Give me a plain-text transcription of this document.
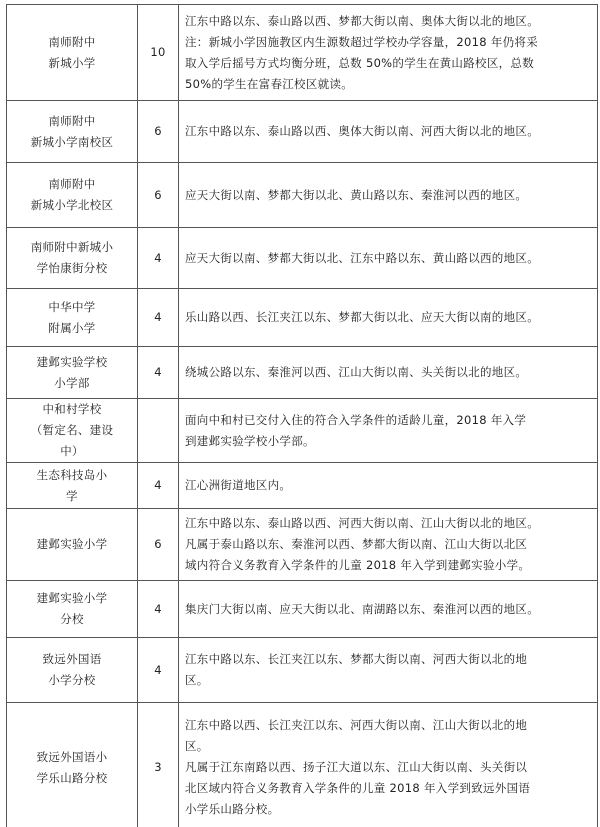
南师附中
新城小学	10	江东中路以东、泰山路以西、梦都大街以南、奥体大街以北的地区。
注：新城小学因施教区内生源数超过学校办学容量，2018 年仍将采
取入学后摇号方式均衡分班，总数 50%的学生在黄山路校区，总数
50%的学生在富春江校区就读。

南师附中
新城小学南校区	6	江东中路以东、泰山路以西、奥体大街以南、河西大街以北的地区。

南师附中
新城小学北校区	6	应天大街以南、梦都大街以北、黄山路以东、秦淮河以西的地区。

南师附中新城小
学怡康街分校	4	应天大街以南、梦都大街以北、江东中路以东、黄山路以西的地区。

中华中学
附属小学	4	乐山路以西、长江夹江以东、梦都大街以北、应天大街以南的地区。

建邺实验学校
小学部	4	绕城公路以东、秦淮河以西、江山大街以南、头关街以北的地区。

中和村学校
（暂定名、建设
中）		面向中和村已交付入住的符合入学条件的适龄儿童，2018 年入学
到建邺实验学校小学部。

生态科技岛小
学	4	江心洲街道地区内。

建邺实验小学	6	江东中路以东、泰山路以西、河西大街以南、江山大街以北的地区。
凡属于泰山路以东、秦淮河以西、梦都大街以南、江山大街以北区
域内符合义务教育入学条件的儿童 2018 年入学到建邺实验小学。

建邺实验小学
分校	4	集庆门大街以南、应天大街以北、南湖路以东、秦淮河以西的地区。

致远外国语
小学分校	4	江东中路以东、长江夹江以东、梦都大街以南、河西大街以北的地
区。

致远外国语小
学乐山路分校	3	江东中路以西、长江夹江以东、河西大街以南、江山大街以北的地
区。
凡属于江东南路以西、扬子江大道以东、江山大街以南、头关街以
北区域内符合义务教育入学条件的儿童 2018 年入学到致远外国语
小学乐山路分校。
